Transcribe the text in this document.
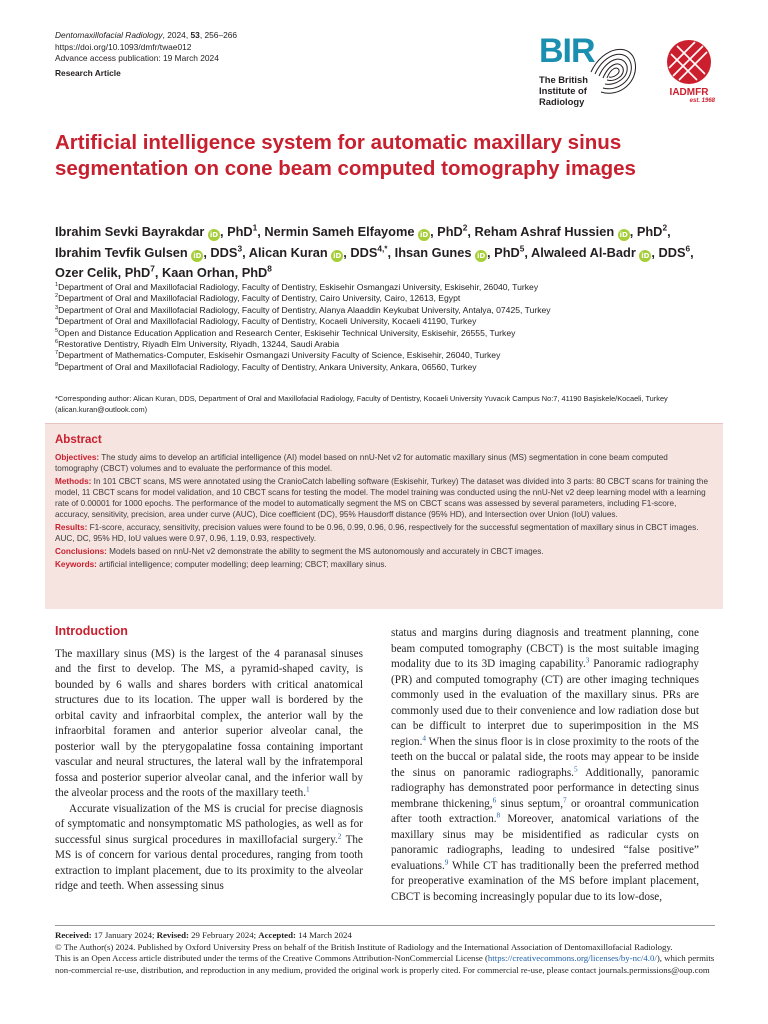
Dentomaxillofacial Radiology, 2024, 53, 256–266
https://doi.org/10.1093/dmfr/twae012
Advance access publication: 19 March 2024
Research Article
BIR
The British
Institute of
Radiology
IADMFR
est. 1968
Artificial intelligence system for automatic maxillary sinus segmentation on cone beam computed tomography images
Ibrahim Sevki Bayrakdar iD , PhD$^1$, Nermin Sameh Elfayome iD , PhD$^2$, Reham Ashraf Hussien iD , PhD$^2$, Ibrahim Tevfik Gulsen iD , DDS$^3$, Alican Kuran iD , $DDS^{4,*}$, Ihsan Gunes iD , PhD$^5$, Alwaleed Al-Badr iD , DDS$^6$, Ozer Celik, PhD$^7$, Kaan Orhan, PhD$^8$
$^1$Department of Oral and Maxillofacial Radiology, Faculty of Dentistry, Eskisehir Osmangazi University, Eskisehir, 26040, Turkey
$^2$Department of Oral and Maxillofacial Radiology, Faculty of Dentistry, Cairo University, Cairo, 12613, Egypt
$^3$Department of Oral and Maxillofacial Radiology, Faculty of Dentistry, Alanya Alaaddin Keykubat University, Antalya, 07425, Turkey
$^4$Department of Oral and Maxillofacial Radiology, Faculty of Dentistry, Kocaeli University, Kocaeli 41190, Turkey
$^5$Open and Distance Education Application and Research Center, Eskisehir Technical University, Eskisehir, 26555, Turkey
$^6$Restorative Dentistry, Riyadh Elm University, Riyadh, 13244, Saudi Arabia
$^7$Department of Mathematics-Computer, Eskisehir Osmangazi University Faculty of Science, Eskisehir, 26040, Turkey
$^8$Department of Oral and Maxillofacial Radiology, Faculty of Dentistry, Ankara University, Ankara, 06560, Turkey
*Corresponding author: Alican Kuran, DDS, Department of Oral and Maxillofacial Radiology, Faculty of Dentistry, Kocaeli University Yuvacık Campus No:7, 41190 Başiskele/Kocaeli, Turkey (alican.kuran@outlook.com)
Abstract

Objectives: The study aims to develop an artificial intelligence (AI) model based on nnU-Net v2 for automatic maxillary sinus (MS) segmentation in cone beam computed tomography (CBCT) volumes and to evaluate the performance of this model.

Methods: In 101 CBCT scans, MS were annotated using the CranioCatch labelling software (Eskisehir, Turkey) The dataset was divided into 3 parts: 80 CBCT scans for training the model, 11 CBCT scans for model validation, and 10 CBCT scans for testing the model. The model training was conducted using the nnU-Net v2 deep learning model with a learning rate of 0.00001 for 1000 epochs. The performance of the model to automatically segment the MS on CBCT scans was assessed by several parameters, including F1-score, accuracy, sensitivity, precision, area under curve (AUC), Dice coefficient (DC), 95% Hausdorff distance (95% HD), and Intersection over Union (IoU) values.

Results: F1-score, accuracy, sensitivity, precision values were found to be 0.96, 0.99, 0.96, 0.96, respectively for the successful segmentation of maxillary sinus in CBCT images. AUC, DC, 95% HD, IoU values were 0.97, 0.96, 1.19, 0.93, respectively.

Conclusions: Models based on nnU-Net v2 demonstrate the ability to segment the MS autonomously and accurately in CBCT images.

Keywords: artificial intelligence; computer modelling; deep learning; CBCT; maxillary sinus.

Introduction

The maxillary sinus (MS) is the largest of the 4 paranasal sinuses and the first to develop. The MS, a pyramid-shaped cavity, is bounded by 6 walls and shares borders with critical anatomical structures due to its location. The upper wall is bordered by the orbital cavity and infraorbital complex, the anterior wall by the infraorbital foramen and anterior superior alveolar canal, the posterior wall by the pterygopalatine fossa containing important vascular and neural structures, the lateral wall by the infratemporal fossa and posterior superior alveolar canal, and the inferior wall by the alveolar process and the roots of the maxillary teeth.$^1$

Accurate visualization of the MS is crucial for precise diagnosis of symptomatic and nonsymptomatic MS pathologies, as well as for successful sinus surgical procedures in maxillofacial surgery.$^2$ The MS is of concern for various dental procedures, ranging from tooth extraction to implant placement, due to its proximity to the alveolar ridge and teeth. When assessing sinus

status and margins during diagnosis and treatment planning, cone beam computed tomography (CBCT) is the most suitable imaging modality due to its 3D imaging capability.$^3$ Panoramic radiography (PR) and computed tomography (CT) are other imaging techniques commonly used in the evaluation of the maxillary sinus. PRs are commonly used due to their convenience and low radiation dose but can be difficult to interpret due to superimposition in the MS region.$^4$ When the sinus floor is in close proximity to the roots of the teeth on the buccal or palatal side, the roots may appear to be inside the sinus on panoramic radiographs.$^5$ Additionally, panoramic radiography has demonstrated poor performance in detecting sinus membrane thickening,$^6$ sinus septum,$^7$ or oroantral communication after tooth extraction.$^8$ Moreover, anatomical variations of the maxillary sinus may be misidentified as radicular cysts on panoramic radiographs, leading to undesired “false positive” evaluations.$^9$ While CT has traditionally been the preferred method for preoperative examination of the MS before implant placement, CBCT is becoming increasingly popular due to its low-dose,

Received: 17 January 2024; Revised: 29 February 2024; Accepted: 14 March 2024
© The Author(s) 2024. Published by Oxford University Press on behalf of the British Institute of Radiology and the International Association of Dentomaxillofacial Radiology.
This is an Open Access article distributed under the terms of the Creative Commons Attribution-NonCommercial License (https://creativecommons.org/licenses/by-nc/4.0/), which permits non-commercial re-use, distribution, and reproduction in any medium, provided the original work is properly cited. For commercial re-use, please contact journals.permissions@oup.com
